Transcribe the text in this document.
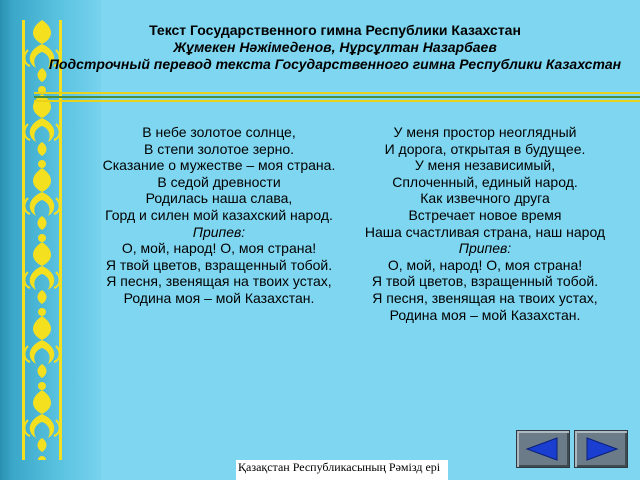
Текст Государственного гимна Республики Казахстан
Жұмекен Нәжімеденов, Нұрсұлтан Назарбаев
Подстрочный перевод текста Государственного гимна Республики Казахстан
В небе золотое солнце,
В степи золотое зерно.
Сказание о мужестве – моя страна.
В седой древности
Родилась наша слава,
Горд и силен мой казахский народ.
Припев:
О, мой, народ! О, моя страна!
Я твой цветов, взращенный тобой.
Я песня, звенящая на твоих устах,
Родина моя – мой Казахстан.
У меня простор неоглядный
И дорога, открытая в будущее.
У меня независимый,
Сплоченный, единый народ.
Как извечного друга
Встречает новое время
Наша счастливая страна, наш народ
Припев:
О, мой, народ! О, моя страна!
Я твой цветов, взращенный тобой.
Я песня, звенящая на твоих устах,
Родина моя – мой Казахстан.
Қазақстан Республикасының Рәмізд ері
